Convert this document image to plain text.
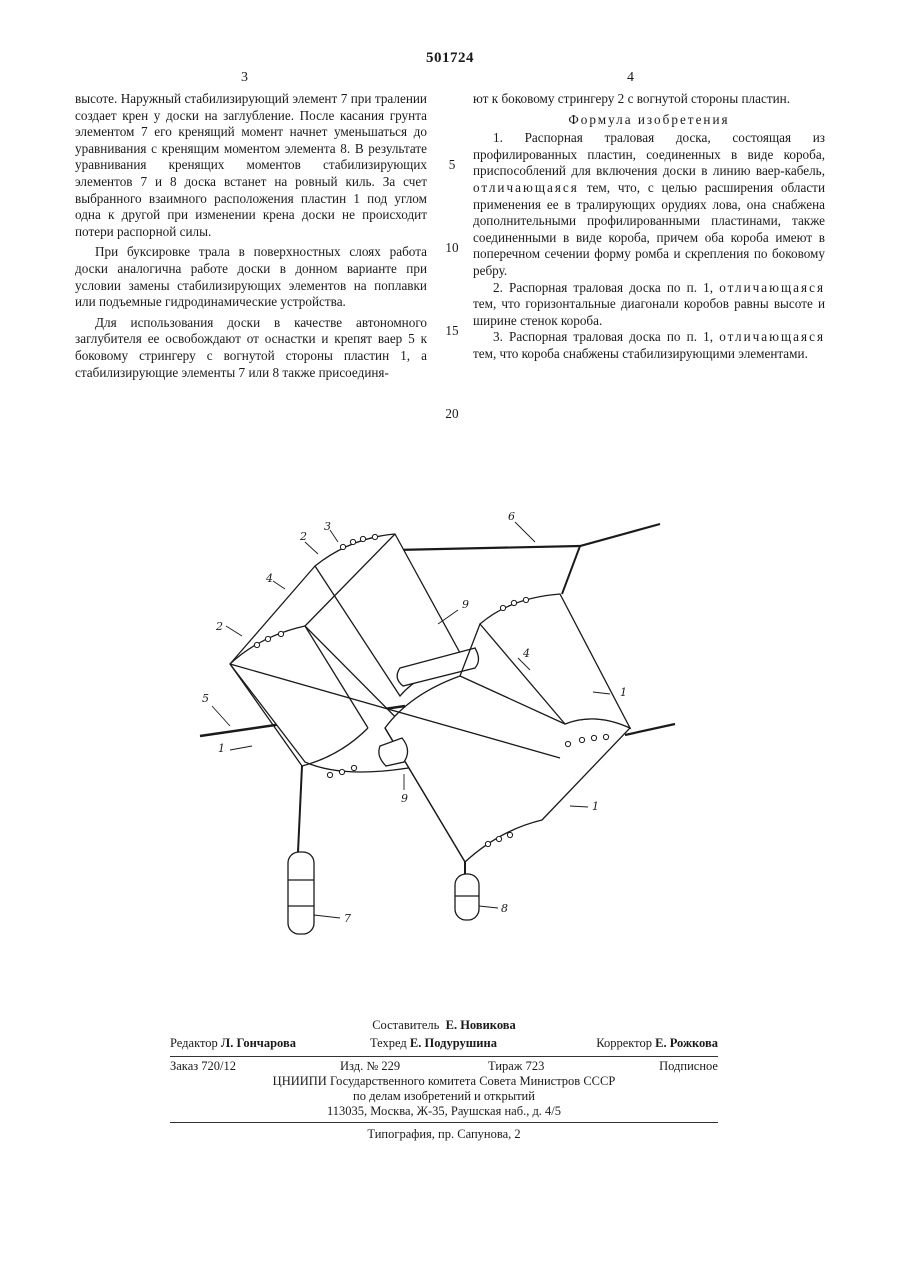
501724
3	4

высоте. Наружный стабилизирующий элемент 7 при тралении создает крен у доски на заглубление. После касания грунта элементом 7 его кренящий момент начнет уменьшаться до уравнивания с кренящим моментом элемента 8. В результате уравнивания кренящих моментов стабилизирующих элементов 7 и 8 доска встанет на ровный киль. За счет выбранного взаимного расположения пластин 1 под углом одна к другой при изменении крена доски не происходит потери распорной силы.

При буксировке трала в поверхностных слоях работа доски аналогична работе доски в донном варианте при условии замены стабилизирующих элементов на поплавки или подъемные гидродинамические устройства.

Для использования доски в качестве автономного заглубителя ее освобождают от оснастки и крепят ваер 5 к боковому стрингеру с вогнутой стороны пластин 1, а стабилизирующие элементы 7 или 8 также присоединя-

5
10
15
20

ют к боковому стрингеру 2 с вогнутой стороны пластин.

Формула изобретения

1. Распорная траловая доска, состоящая из профилированных пластин, соединенных в виде короба, приспособлений для включения доски в линию ваер-кабель, отличающаяся тем, что, с целью расширения области применения ее в тралирующих орудиях лова, она снабжена дополнительными профилированными пластинами, также соединенными в виде короба, причем оба короба имеют в поперечном сечении форму ромба и скрепления по боковому ребру.

2. Распорная траловая доска по п. 1, отличающаяся тем, что горизонтальные диагонали коробов равны высоте и ширине стенок короба.

3. Распорная траловая доска по п. 1, отличающаяся тем, что короба снабжены стабилизирующими элементами.

1
1
1
2
2
3
4
4
5
6
7
8
9
9
Составитель Е. Новикова
Редактор Л. Гончарова	Техред Е. Подурушина	Корректор Е. Рожкова
Заказ 720/12	Изд. № 229	Тираж 723	Подписное
ЦНИИПИ Государственного комитета Совета Министров СССР
по делам изобретений и открытий
113035, Москва, Ж-35, Раушская наб., д. 4/5
Типография, пр. Сапунова, 2
